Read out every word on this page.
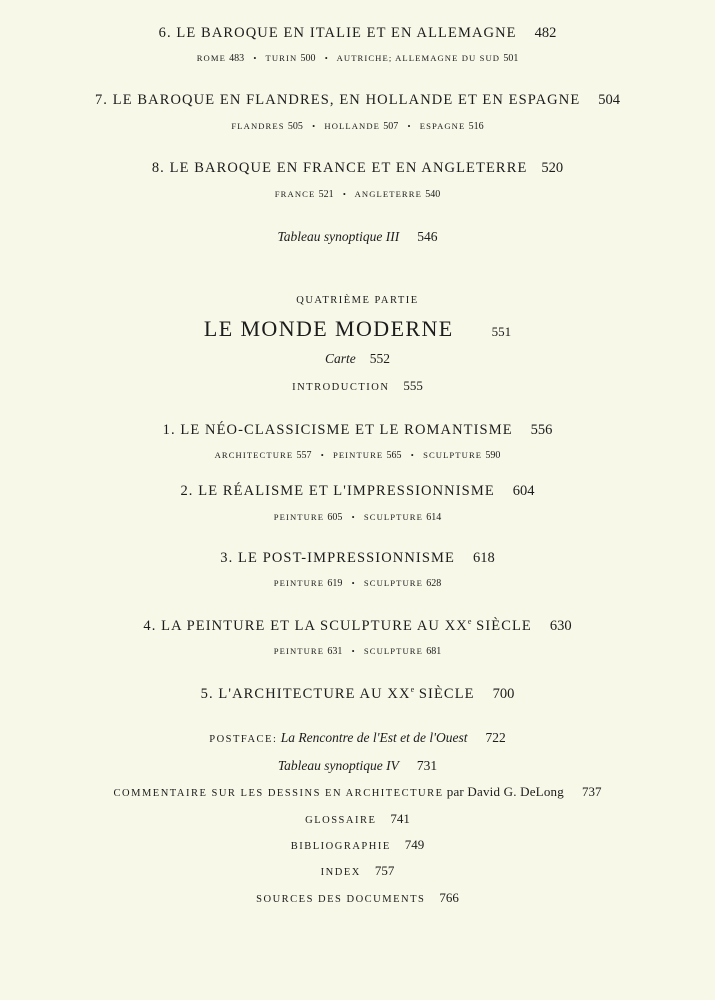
6. LE BAROQUE EN ITALIE ET EN ALLEMAGNE 482
ROME 483 • TURIN 500 • AUTRICHE; ALLEMAGNE DU SUD 501
7. LE BAROQUE EN FLANDRES, EN HOLLANDE ET EN ESPAGNE 504
FLANDRES 505 • HOLLANDE 507 • ESPAGNE 516
8. LE BAROQUE EN FRANCE ET EN ANGLETERRE 520
FRANCE 521 • ANGLETERRE 540
Tableau synoptique III 546
QUATRIÈME PARTIE
LE MONDE MODERNE	551
Carte 552
INTRODUCTION 555
1. LE NÉO-CLASSICISME ET LE ROMANTISME 556
ARCHITECTURE 557 • PEINTURE 565 • SCULPTURE 590
2. LE RÉALISME ET L'IMPRESSIONNISME 604
PEINTURE 605 • SCULPTURE 614
3. LE POST-IMPRESSIONNISME 618
PEINTURE 619 • SCULPTURE 628
4. LA PEINTURE ET LA SCULPTURE AU XXe SIÈCLE 630
PEINTURE 631 • SCULPTURE 681
5. L'ARCHITECTURE AU XXe SIÈCLE 700
POSTFACE: La Rencontre de l'Est et de l'Ouest 722
Tableau synoptique IV 731
COMMENTAIRE SUR LES DESSINS EN ARCHITECTURE par David G. DeLong 737
GLOSSAIRE 741
BIBLIOGRAPHIE 749
INDEX 757
SOURCES DES DOCUMENTS 766
